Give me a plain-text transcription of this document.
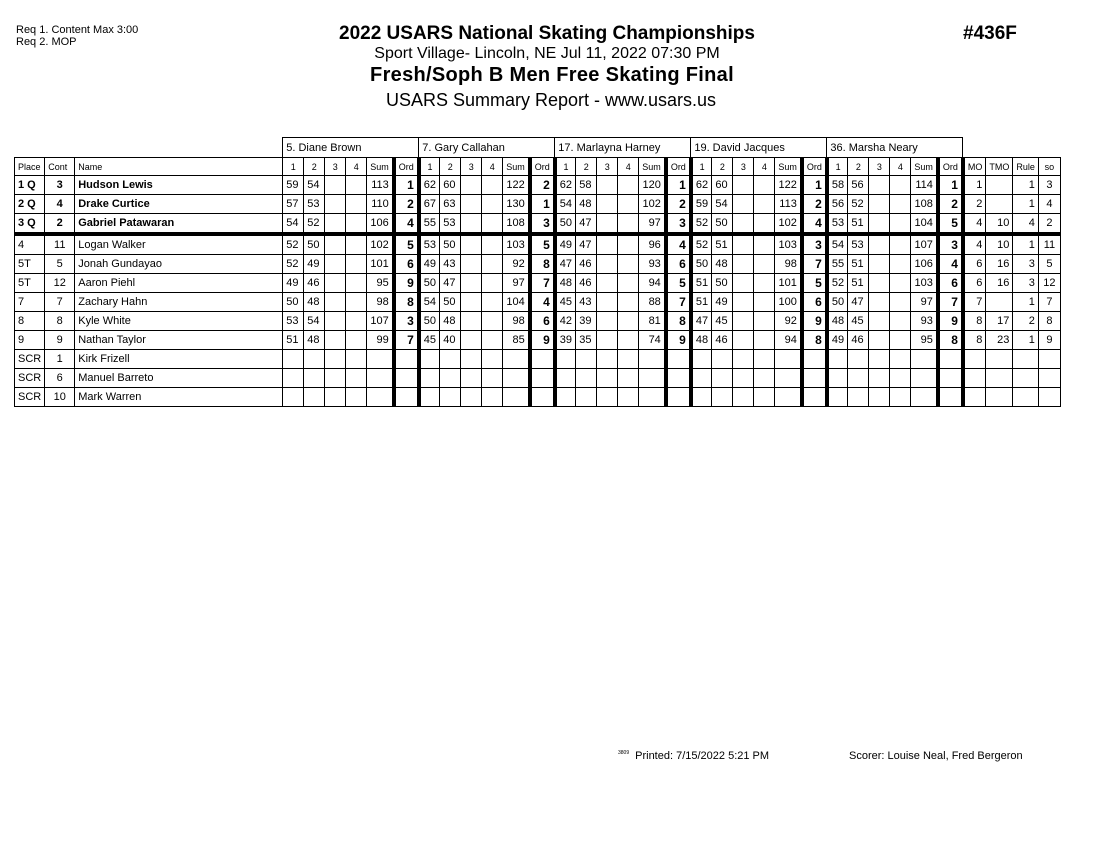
Req 1. Content Max 3:00
Req 2. MOP	2022 USARS National Skating Championships
Sport Village- Lincoln, NE Jul 11, 2022 07:30 PM
Fresh/Soph B Men Free Skating Final
USARS Summary Report - www.usars.us
#436F
			5. Diane Brown						7. Gary Callahan						17. Marlayna Harney						19. David Jacques						36. Marsha Neary									
Place	Cont	Name	1	2	3	4	Sum	Ord	1	2	3	4	Sum	Ord	1	2	3	4	Sum	Ord	1	2	3	4	Sum	Ord	1	2	3	4	Sum	Ord	MO	TMO	Rule	so
1 Q	3	Hudson Lewis	59	54			113	1	62	60			122	2	62	58			120	1	62	60			122	1	58	56			114	1	1		1	3
2 Q	4	Drake Curtice	57	53			110	2	67	63			130	1	54	48			102	2	59	54			113	2	56	52			108	2	2		1	4
3 Q	2	Gabriel Patawaran	54	52			106	4	55	53			108	3	50	47			97	3	52	50			102	4	53	51			104	5	4	10	4	2
4	11	Logan Walker	52	50			102	5	53	50			103	5	49	47			96	4	52	51			103	3	54	53			107	3	4	10	1	11
5T	5	Jonah Gundayao	52	49			101	6	49	43			92	8	47	46			93	6	50	48			98	7	55	51			106	4	6	16	3	5
5T	12	Aaron Piehl	49	46			95	9	50	47			97	7	48	46			94	5	51	50			101	5	52	51			103	6	6	16	3	12
7	7	Zachary Hahn	50	48			98	8	54	50			104	4	45	43			88	7	51	49			100	6	50	47			97	7	7		1	7
8	8	Kyle White	53	54			107	3	50	48			98	6	42	39			81	8	47	45			92	9	48	45			93	9	8	17	2	8
9	9	Nathan Taylor	51	48			99	7	45	40			85	9	39	35			74	9	48	46			94	8	49	46			95	8	8	23	1	9
SCR	1	Kirk Frizell																																		
SCR	6	Manuel Barreto																																		
SCR	10	Mark Warren																																		
$^{3809}$ Printed: 7/15/2022 5:21 PM	Scorer: Louise Neal, Fred Bergeron
